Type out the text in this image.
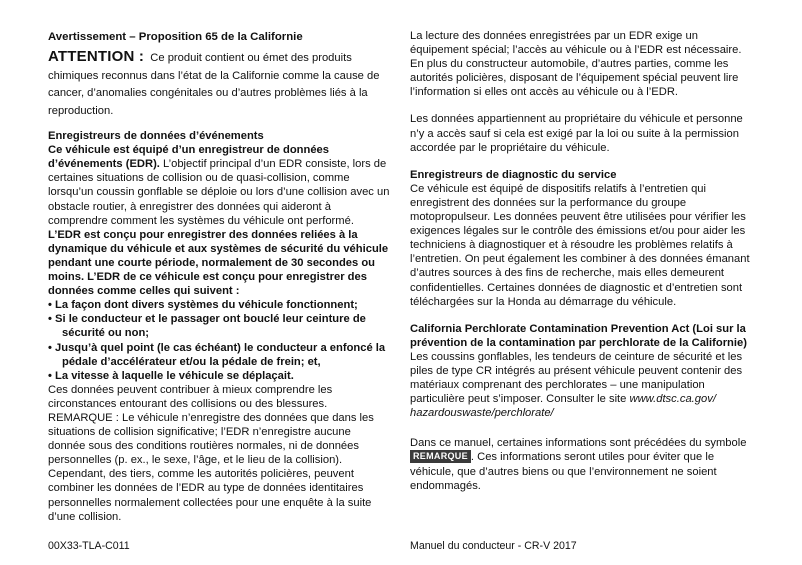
Avertissement – Proposition 65 de la Californie

ATTENTION : Ce produit contient ou émet des produits chimiques reconnus dans l’état de la Californie comme la cause de cancer, d’anomalies congénitales ou d’autres problèmes liés à la reproduction.

Enregistreurs de données d’événements

Ce véhicule est équipé d’un enregistreur de données d’événements (EDR). L’objectif principal d’un EDR consiste, lors de certaines situations de collision ou de quasi-collision, comme lorsqu’un coussin gonflable se déploie ou lors d’une collision avec un obstacle routier, à enregistrer des données qui aideront à comprendre comment les systèmes du véhicule ont performé.

L’EDR est conçu pour enregistrer des données reliées à la dynamique du véhicule et aux systèmes de sécurité du véhicule pendant une courte période, normalement de 30 secondes ou moins. L’EDR de ce véhicule est conçu pour enregistrer des données comme celles qui suivent :

• La façon dont divers systèmes du véhicule fonctionnent;
• Si le conducteur et le passager ont bouclé leur ceinture de sécurité ou non;
• Jusqu’à quel point (le cas échéant) le conducteur a enfoncé la pédale d’accélérateur et/ou la pédale de frein; et,
• La vitesse à laquelle le véhicule se déplaçait.

Ces données peuvent contribuer à mieux comprendre les circonstances entourant des collisions ou des blessures. REMARQUE : Le véhicule n’enregistre des données que dans les situations de collision significative; l’EDR n’enregistre aucune donnée sous des conditions routières normales, ni de données personnelles (p. ex., le sexe, l’âge, et le lieu de la collision). Cependant, des tiers, comme les autorités policières, peuvent combiner les données de l’EDR au type de données identitaires personnelles normalement collectées pour une enquête à la suite d’une collision.

La lecture des données enregistrées par un EDR exige un équipement spécial; l’accès au véhicule ou à l’EDR est nécessaire. En plus du constructeur automobile, d’autres parties, comme les autorités policières, disposant de l’équipement spécial peuvent lire l’information si elles ont accès au véhicule ou à l’EDR.

Les données appartiennent au propriétaire du véhicule et personne n’y a accès sauf si cela est exigé par la loi ou suite à la permission accordée par le propriétaire du véhicule.

Enregistreurs de diagnostic du service

Ce véhicule est équipé de dispositifs relatifs à l’entretien qui enregistrent des données sur la performance du groupe motopropulseur. Les données peuvent être utilisées pour vérifier les exigences légales sur le contrôle des émissions et/ou pour aider les techniciens à diagnostiquer et à résoudre les problèmes relatifs à l’entretien. On peut également les combiner à des données émanant d’autres sources à des fins de recherche, mais elles demeurent confidentielles. Certaines données de diagnostic et d’entretien sont téléchargées sur la Honda au démarrage du véhicule.

California Perchlorate Contamination Prevention Act (Loi sur la prévention de la contamination par perchlorate de la Californie)

Les coussins gonflables, les tendeurs de ceinture de sécurité et les piles de type CR intégrés au présent véhicule peuvent contenir des matériaux comprenant des perchlorates – une manipulation particulière peut s’imposer. Consulter le site www.dtsc.ca.gov/ hazardouswaste/perchlorate/

Dans ce manuel, certaines informations sont précédées du symbole REMARQUE . Ces informations seront utiles pour éviter que le véhicule, que d’autres biens ou que l’environnement ne soient endommagés.

00X33-TLA-C011	Manuel du conducteur - CR-V 2017
